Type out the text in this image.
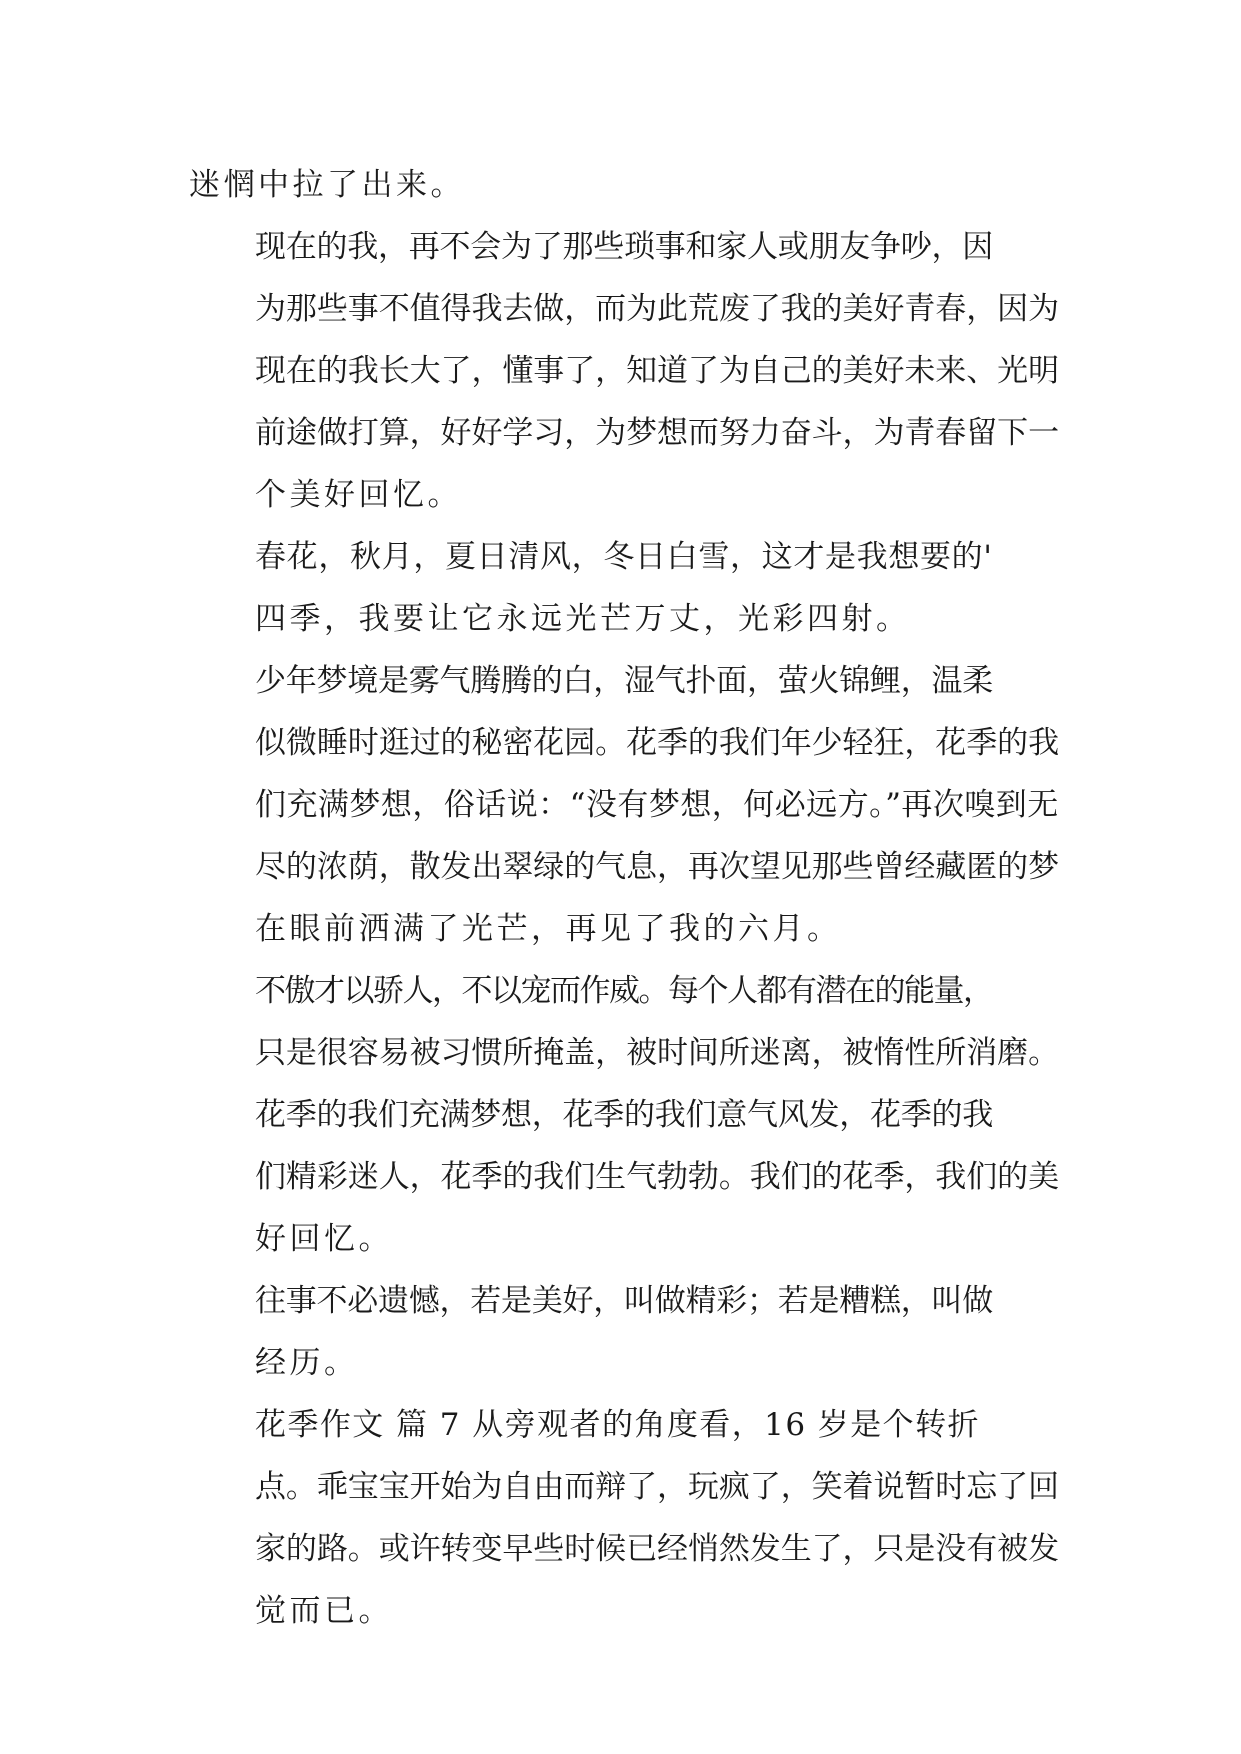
迷惘中拉了出来。
现在的我，再不会为了那些琐事和家人或朋友争吵，因
为那些事不值得我去做，而为此荒废了我的美好青春，因为
现在的我长大了，懂事了，知道了为自己的美好未来、光明
前途做打算，好好学习，为梦想而努力奋斗，为青春留下一
个美好回忆。
春花，秋月，夏日清风，冬日白雪，这才是我想要的'
四季，我要让它永远光芒万丈，光彩四射。
少年梦境是雾气腾腾的白，湿气扑面，萤火锦鲤，温柔
似微睡时逛过的秘密花园。花季的我们年少轻狂，花季的我
们充满梦想，俗话说：“没有梦想，何必远方。”再次嗅到无
尽的浓荫，散发出翠绿的气息，再次望见那些曾经藏匿的梦
在眼前洒满了光芒，再见了我的六月。
不傲才以骄人，不以宠而作威。每个人都有潜在的能量，
只是很容易被习惯所掩盖，被时间所迷离，被惰性所消磨。
花季的我们充满梦想，花季的我们意气风发，花季的我
们精彩迷人，花季的我们生气勃勃。我们的花季，我们的美
好回忆。
往事不必遗憾，若是美好，叫做精彩；若是糟糕，叫做
经历。
花季作文 篇 7 从旁观者的角度看，16 岁是个转折
点。乖宝宝开始为自由而辩了，玩疯了，笑着说暂时忘了回
家的路。或许转变早些时候已经悄然发生了，只是没有被发
觉而已。
